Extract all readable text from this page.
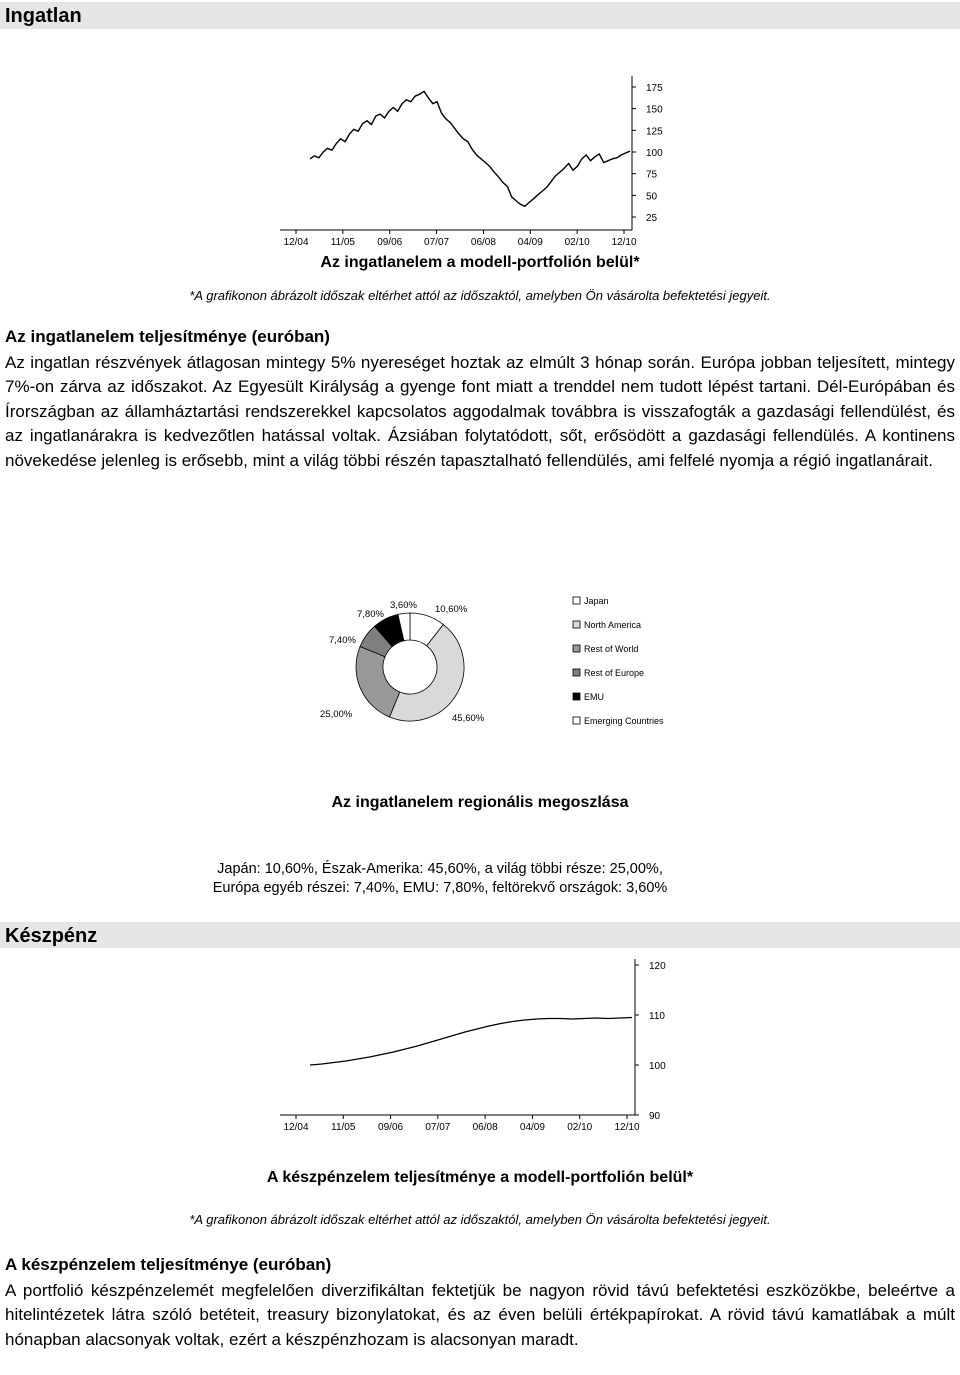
Ingatlan
175
150
125
100
75
50
25
12/04 11/05 09/06 07/07 06/08 04/09 02/10 12/10
Az ingatlanelem a modell-portfolión belül*
*A grafikonon ábrázolt időszak eltérhet attól az időszaktól, amelyben Ön vásárolta befektetési jegyeit.
Az ingatlanelem teljesítménye (euróban)
Az ingatlan részvények átlagosan mintegy 5% nyereséget hoztak az elmúlt 3 hónap során. Európa jobban teljesített, mintegy 7%-on zárva az időszakot. Az Egyesült Királyság a gyenge font miatt a trenddel nem tudott lépést tartani. Dél-Európában és Írországban az államháztartási rendszerekkel kapcsolatos aggodalmak továbbra is visszafogták a gazdasági fellendülést, és az ingatlanárakra is kedvezőtlen hatással voltak. Ázsiában folytatódott, sőt, erősödött a gazdasági fellendülés. A kontinens növekedése jelenleg is erősebb, mint a világ többi részén tapasztalható fellendülés, ami felfelé nyomja a régió ingatlanárait.
10,60%
45,60%
25,00%
7,40%
7,80%
3,60%	Japan
North America
Rest of World
Rest of Europe
EMU
Emerging Countries
Az ingatlanelem regionális megoszlása
Japán: 10,60%, Észak-Amerika: 45,60%, a világ többi része: 25,00%,
Európa egyéb részei: 7,40%, EMU: 7,80%, feltörekvő országok: 3,60%
Készpénz
120
110
100
90
12/04 11/05 09/06 07/07 06/08 04/09 02/10 12/10
A készpénzelem teljesítménye a modell-portfolión belül*
*A grafikonon ábrázolt időszak eltérhet attól az időszaktól, amelyben Ön vásárolta befektetési jegyeit.
A készpénzelem teljesítménye (euróban)
A portfolió készpénzelemét megfelelően diverzifikáltan fektetjük be nagyon rövid távú befektetési eszközökbe, beleértve a hitelintézetek látra szóló betéteit, treasury bizonylatokat, és az éven belüli értékpapírokat. A rövid távú kamatlábak a múlt hónapban alacsonyak voltak, ezért a készpénzhozam is alacsonyan maradt.
